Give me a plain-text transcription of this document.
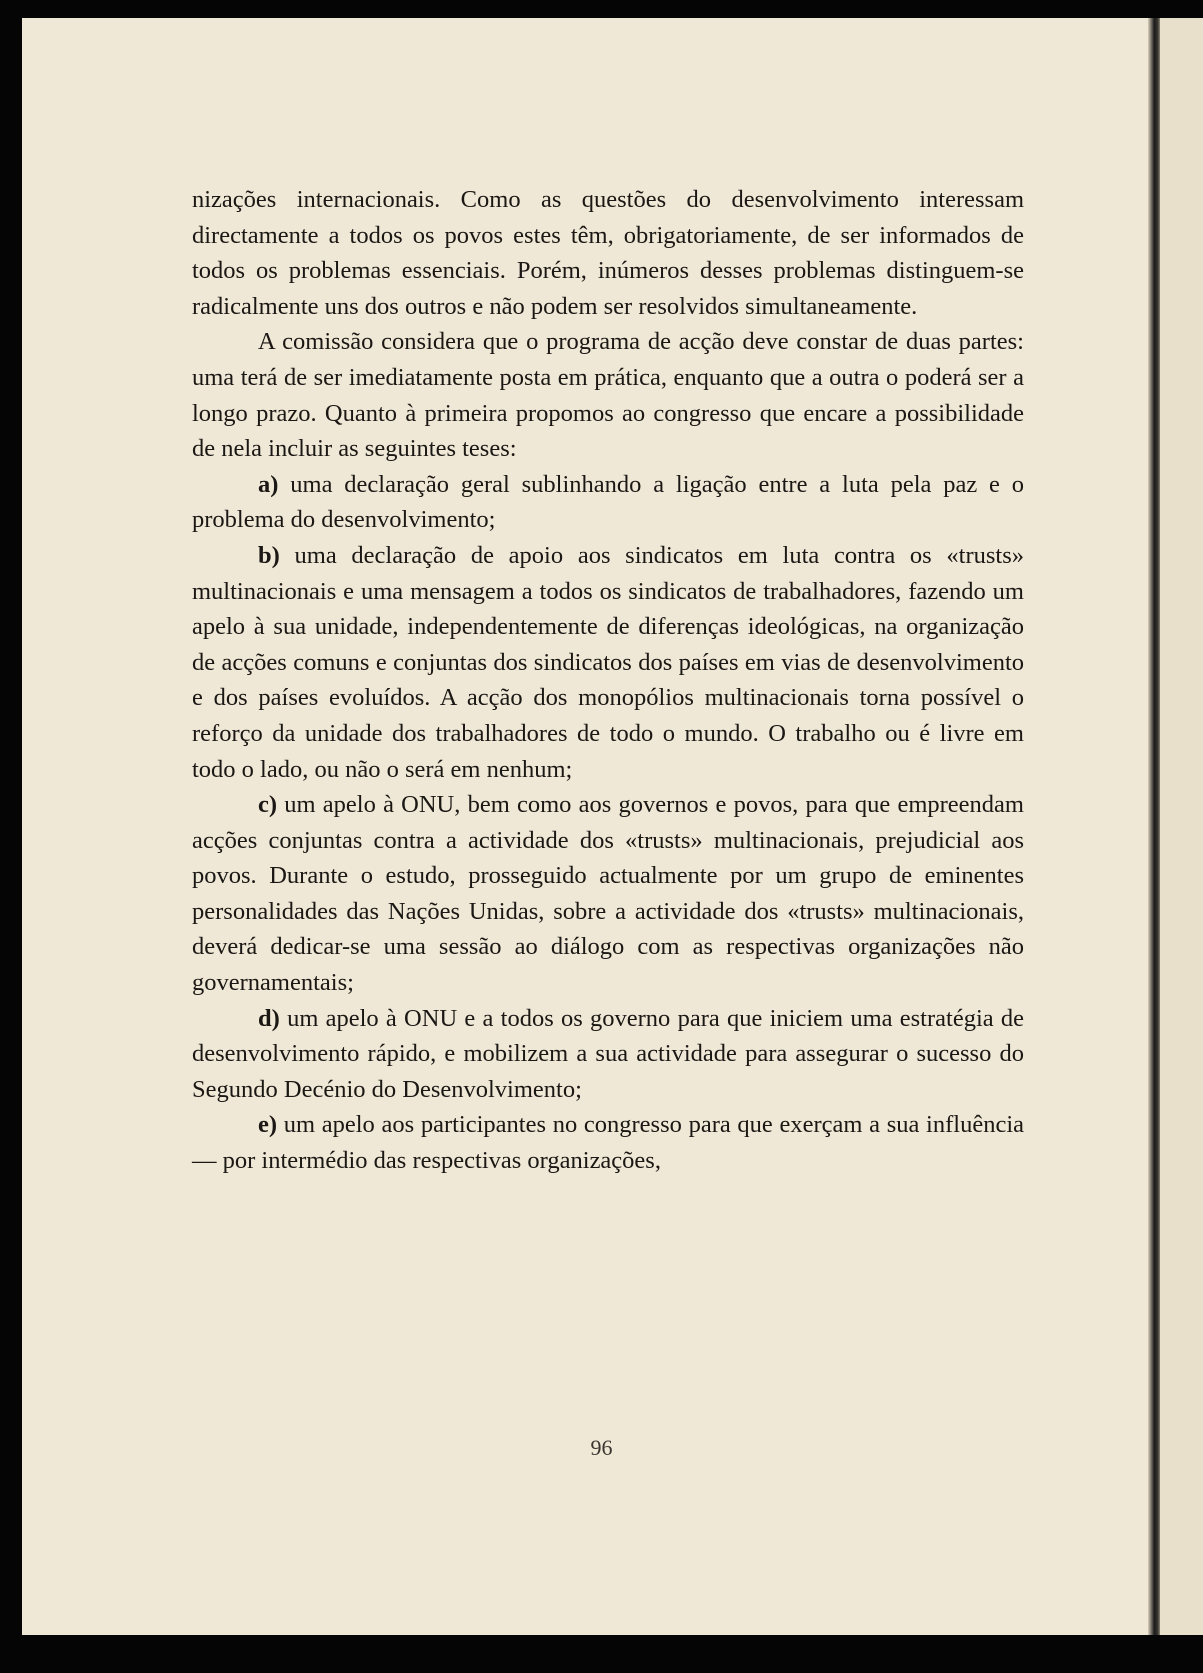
nizações internacionais. Como as questões do desenvolvimento interessam directamente a todos os povos estes têm, obrigatoriamente, de ser informados de todos os problemas essenciais. Porém, inúmeros desses problemas distinguem-se radicalmente uns dos outros e não podem ser resolvidos simultaneamente.

A comissão considera que o programa de acção deve constar de duas partes: uma terá de ser imediatamente posta em prática, enquanto que a outra o poderá ser a longo prazo. Quanto à primeira propomos ao congresso que encare a possibilidade de nela incluir as seguintes teses:

a) uma declaração geral sublinhando a ligação entre a luta pela paz e o problema do desenvolvimento;

b) uma declaração de apoio aos sindicatos em luta contra os «trusts» multinacionais e uma mensagem a todos os sindicatos de trabalhadores, fazendo um apelo à sua unidade, independentemente de diferenças ideológicas, na organização de acções comuns e conjuntas dos sindicatos dos países em vias de desenvolvimento e dos países evoluídos. A acção dos monopólios multinacionais torna possível o reforço da unidade dos trabalhadores de todo o mundo. O trabalho ou é livre em todo o lado, ou não o será em nenhum;

c) um apelo à ONU, bem como aos governos e povos, para que empreendam acções conjuntas contra a actividade dos «trusts» multinacionais, prejudicial aos povos. Durante o estudo, prosseguido actualmente por um grupo de eminentes personalidades das Nações Unidas, sobre a actividade dos «trusts» multinacionais, deverá dedicar-se uma sessão ao diálogo com as respectivas organizações não governamentais;

d) um apelo à ONU e a todos os governo para que iniciem uma estratégia de desenvolvimento rápido, e mobilizem a sua actividade para assegurar o sucesso do Segundo Decénio do Desenvolvimento;

e) um apelo aos participantes no congresso para que exerçam a sua influência — por intermédio das respectivas organizações,

96
